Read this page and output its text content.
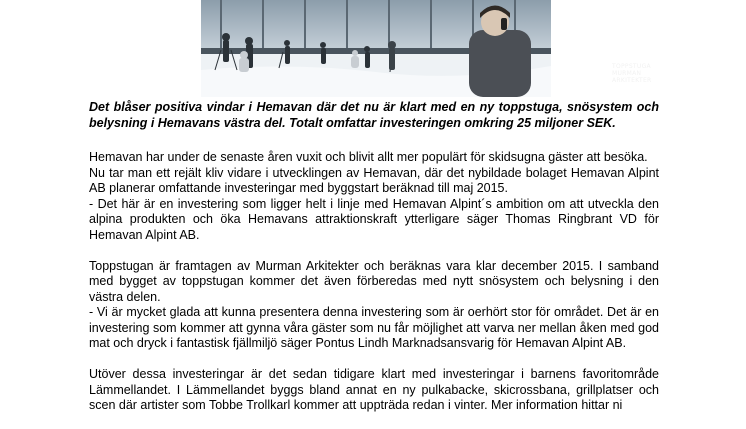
TOPPSTUGA
MURMAN ARKITEKTER
Det blåser positiva vindar i Hemavan där det nu är klart med en ny toppstuga, snösystem och belysning i Hemavans västra del. Totalt omfattar investeringen omkring 25 miljoner SEK.

Hemavan har under de senaste åren vuxit och blivit allt mer populärt för skidsugna gäster att besöka.
Nu tar man ett rejält kliv vidare i utvecklingen av Hemavan, där det nybildade bolaget Hemavan Alpint AB planerar omfattande investeringar med byggstart beräknad till maj 2015.
- Det här är en investering som ligger helt i linje med Hemavan Alpint´s ambition om att utveckla den alpina produkten och öka Hemavans attraktionskraft ytterligare säger Thomas Ringbrant VD för Hemavan Alpint AB.

Toppstugan är framtagen av Murman Arkitekter och beräknas vara klar december 2015. I samband med bygget av toppstugan kommer det även förberedas med nytt snösystem och belysning i den västra delen.
- Vi är mycket glada att kunna presentera denna investering som är oerhört stor för området. Det är en investering som kommer att gynna våra gäster som nu får möjlighet att varva ner mellan åken med god mat och dryck i fantastisk fjällmiljö säger Pontus Lindh Marknadsansvarig för Hemavan Alpint AB.

Utöver dessa investeringar är det sedan tidigare klart med investeringar i barnens favoritområde Lämmellandet. I Lämmellandet byggs bland annat en ny pulkabacke, skicrossbana, grillplatser och scen där artister som Tobbe Trollkarl kommer att uppträda redan i vinter. Mer information hittar ni
